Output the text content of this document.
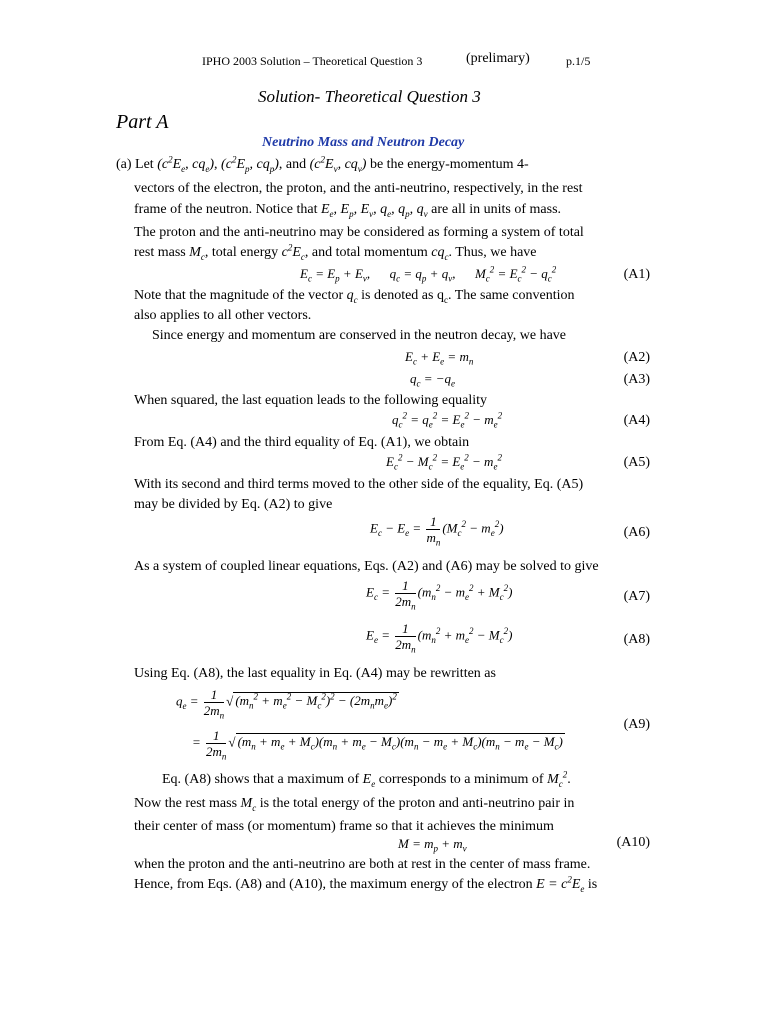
IPHO 2003 Solution – Theoretical Question 3	(prelimary)	p.1/5
Solution- Theoretical Question 3
Part A
Neutrino Mass and Neutron Decay
(a) Let ($c^2E_e$, $cq_e$), ($c^2E_p$, $cq_p$), and ($c^2E_\nu$, $cq_\nu$) be the energy-momentum 4-
vectors of the electron, the proton, and the anti-neutrino, respectively, in the rest
frame of the neutron. Notice that $E_e$, $E_p$, $E_\nu$, $q_e$, $q_p$, $q_\nu$ are all in units of mass.
The proton and the anti-neutrino may be considered as forming a system of total
rest mass $M_c$, total energy $c^2E_c$, and total momentum $cq_c$. Thus, we have
$E_c = E_p + E_\nu$,      $q_c = q_p + q_\nu$,      $M_c^2 = E_c^2 - q_c^2$	(A1)
Note that the magnitude of the vector $q_c$ is denoted as $q_c$. The same convention
also applies to all other vectors.
Since energy and momentum are conserved in the neutron decay, we have
$E_c + E_e = m_n$	(A2)
$q_c = -q_e$	(A3)
When squared, the last equation leads to the following equality
$q_c^2 = q_e^2 = E_e^2 - m_e^2$	(A4)
From Eq. (A4) and the third equality of Eq. (A1), we obtain
$E_c^2 - M_c^2 = E_e^2 - m_e^2$	(A5)
With its second and third terms moved to the other side of the equality, Eq. (A5)
may be divided by Eq. (A2) to give
$E_c - E_e = \frac{1}{m_n} (M_c^2 - m_e^2)$	(A6)
As a system of coupled linear equations, Eqs. (A2) and (A6) may be solved to give
$E_c = \frac{1}{2m_n} (m_n^2 - m_e^2 + M_c^2)$	(A7)
$E_e = \frac{1}{2m_n} (m_n^2 + m_e^2 - M_c^2)$	(A8)
Using Eq. (A8), the last equality in Eq. (A4) may be rewritten as
$q_e = \frac{1}{2m_n}$ √ $(m_n^2 + m_e^2 - M_c^2)^2 - (2m_nm_e)^2$
(A9)
= $\frac{1}{2m_n}$ √ $(m_n + m_e + M_c)(m_n + m_e - M_c)(m_n - m_e + M_c)(m_n - m_e - M_c)$
Eq. (A8) shows that a maximum of $E_e$ corresponds to a minimum of $M_c^2$.
Now the rest mass $M_c$ is the total energy of the proton and anti-neutrino pair in
their center of mass (or momentum) frame so that it achieves the minimum
$M = m_p + m_\nu$	(A10)
when the proton and the anti-neutrino are both at rest in the center of mass frame.
Hence, from Eqs. (A8) and (A10), the maximum energy of the electron $E = c^2E_e$ is
